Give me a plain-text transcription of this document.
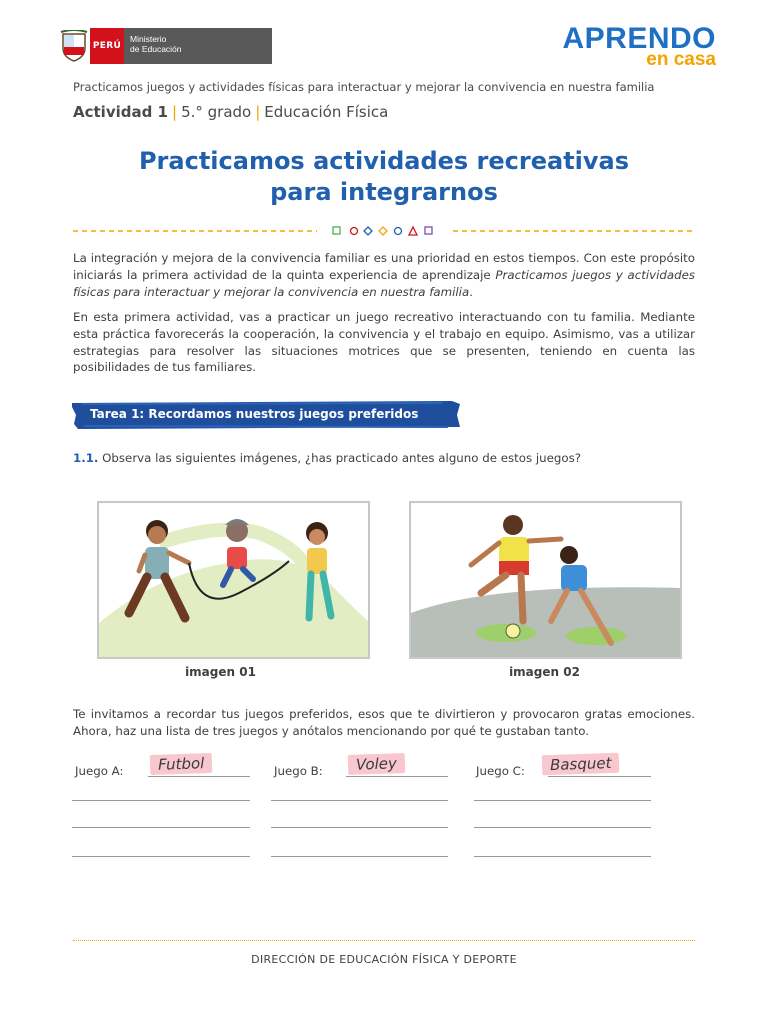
PERÚ
Ministerio
de Educación	APRENDO
en casa
Practicamos juegos y actividades físicas para interactuar y mejorar la convivencia en nuestra familia
Actividad 1 | 5.° grado | Educación Física
Practicamos actividades recreativas
para integrarnos
La integración y mejora de la convivencia familiar es una prioridad en estos tiempos. Con este propósito iniciarás la primera actividad de la quinta experiencia de aprendizaje Practicamos juegos y actividades físicas para interactuar y mejorar la convivencia en nuestra familia.
En esta primera actividad, vas a practicar un juego recreativo interactuando con tu familia. Mediante esta práctica favorecerás la cooperación, la convivencia y el trabajo en equipo. Asimismo, vas a utilizar estrategias para resolver las situaciones motrices que se presenten, teniendo en cuenta las posibilidades de tus familiares.
Tarea 1: Recordamos nuestros juegos preferidos
1.1. Observa las siguientes imágenes, ¿has practicado antes alguno de estos juegos?
imagen 01	imagen 02
Te invitamos a recordar tus juegos preferidos, esos que te divirtieron y provocaron gratas emociones. Ahora, haz una lista de tres juegos y anótalos mencionando por qué te gustaban tanto.
Juego A:	Futbol	Juego B:	Voley	Juego C:	Basquet
DIRECCIÓN DE EDUCACIÓN FÍSICA Y DEPORTE
